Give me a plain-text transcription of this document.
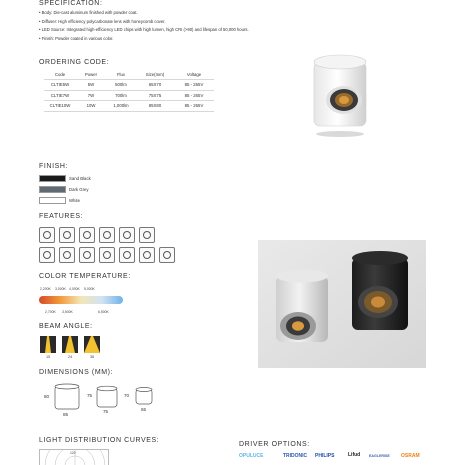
SPECIFICATION:
• Body: Die-cast aluminum finished with powder coat.
• Diffuser: High efficiency polycarbonate lens with honeycomb cover.
• LED Source: Integrated high-efficiency LED chips with high lumen, high CRI (>90) and lifespan of 50,000 hours.
• Finish: Powder coated in various color.
ORDERING CODE:
Code	Power	Flux	Size(mm)	Voltage
CLTIE5W	5W	500lm	65X70	85 - 265V
CLTIE7W	7W	700lm	75X75	85 - 265V
CLTIE10W	10W	1,000lm	85X80	85 - 265V
FINISH:
Sand Black
Dark Grey
White
FEATURES:
COLOR TEMPERATURE:
2,200K 3,000K 4,000K 5,000K
2,700K 3,500K	6,500K
BEAM ANGLE:
15	24	36
DIMENSIONS (MM):
80
85
75
75
70
65
LIGHT DISTRIBUTION CURVES:
120
DRIVER OPTIONS:
OPULUCE	TRIDONIC PHILIPS	Lifud EAGLERISE OSRAM
